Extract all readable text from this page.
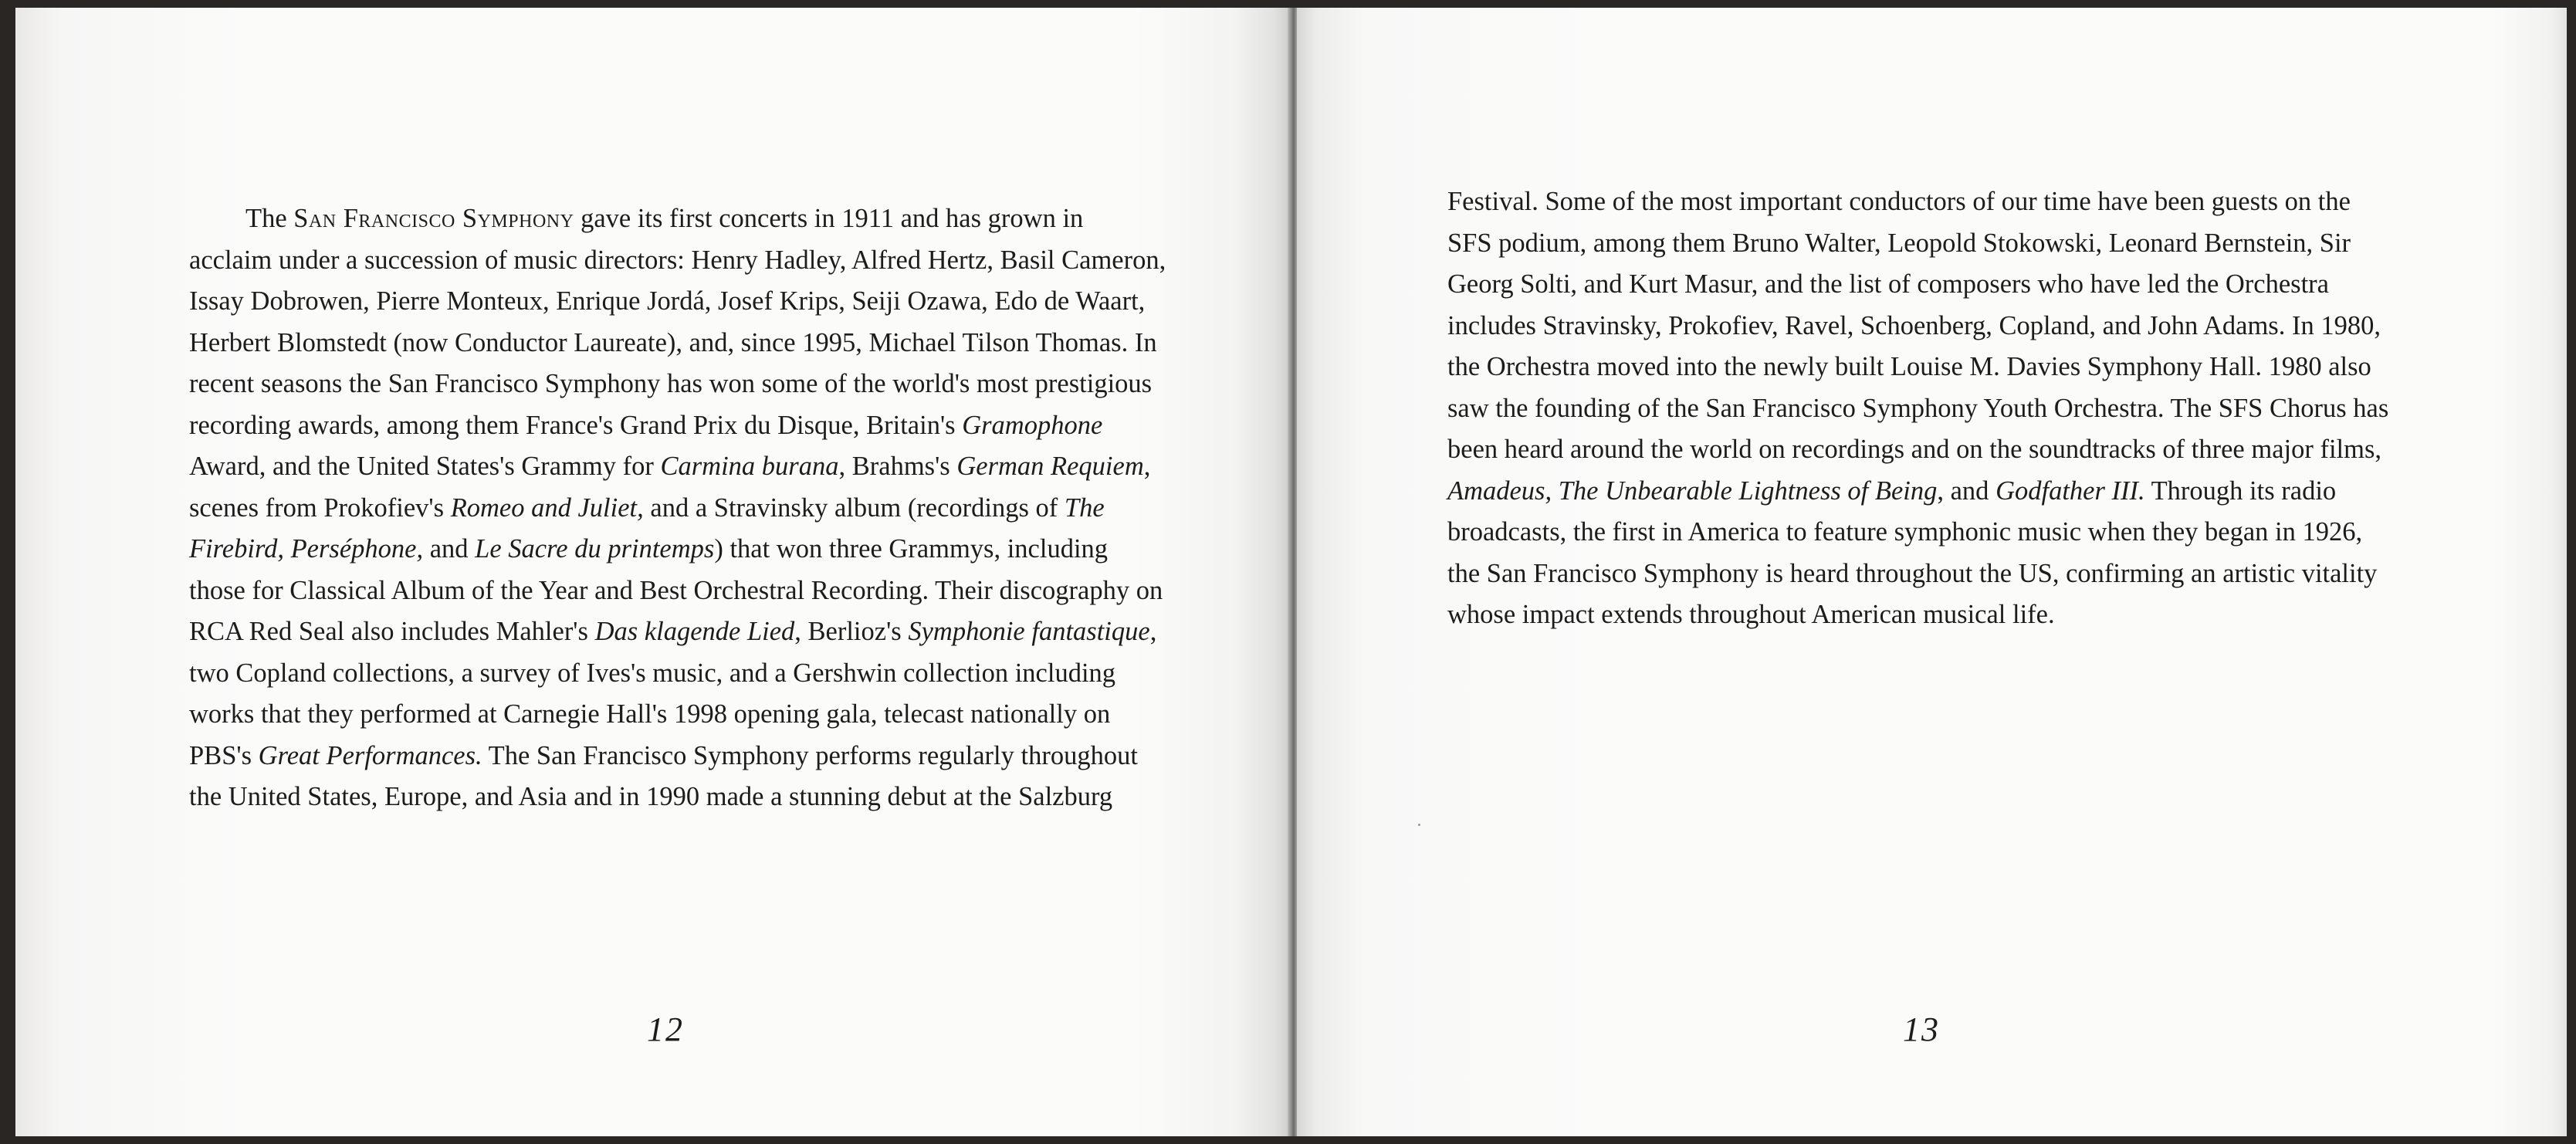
The San Francisco Symphony gave its first concerts in 1911 and has grown in acclaim under a succession of music directors: Henry Hadley, Alfred Hertz, Basil Cameron, Issay Dobrowen, Pierre Monteux, Enrique Jordá, Josef Krips, Seiji Ozawa, Edo de Waart, Herbert Blomstedt (now Conductor Laureate), and, since 1995, Michael Tilson Thomas. In recent seasons the San Francisco Symphony has won some of the world's most prestigious recording awards, among them France's Grand Prix du Disque, Britain's Gramophone Award, and the United States's Grammy for Carmina burana, Brahms's German Requiem, scenes from Prokofiev's Romeo and Juliet, and a Stravinsky album (recordings of The Firebird, Perséphone, and Le Sacre du printemps) that won three Grammys, including those for Classical Album of the Year and Best Orchestral Recording. Their discography on RCA Red Seal also includes Mahler's Das klagende Lied, Berlioz's Symphonie fantastique, two Copland collections, a survey of Ives's music, and a Gershwin collection including works that they performed at Carnegie Hall's 1998 opening gala, telecast nationally on PBS's Great Performances. The San Francisco Symphony performs regularly throughout the United States, Europe, and Asia and in 1990 made a stunning debut at the Salzburg

12

Festival. Some of the most important conductors of our time have been guests on the SFS podium, among them Bruno Walter, Leopold Stokowski, Leonard Bernstein, Sir Georg Solti, and Kurt Masur, and the list of composers who have led the Orchestra includes Stravinsky, Prokofiev, Ravel, Schoenberg, Copland, and John Adams. In 1980, the Orchestra moved into the newly built Louise M. Davies Symphony Hall. 1980 also saw the founding of the San Francisco Symphony Youth Orchestra. The SFS Chorus has been heard around the world on recordings and on the soundtracks of three major films, Amadeus, The Unbearable Lightness of Being, and Godfather III. Through its radio broadcasts, the first in America to feature symphonic music when they began in 1926, the San Francisco Symphony is heard throughout the US, confirming an artistic vitality whose impact extends throughout American musical life.

13
